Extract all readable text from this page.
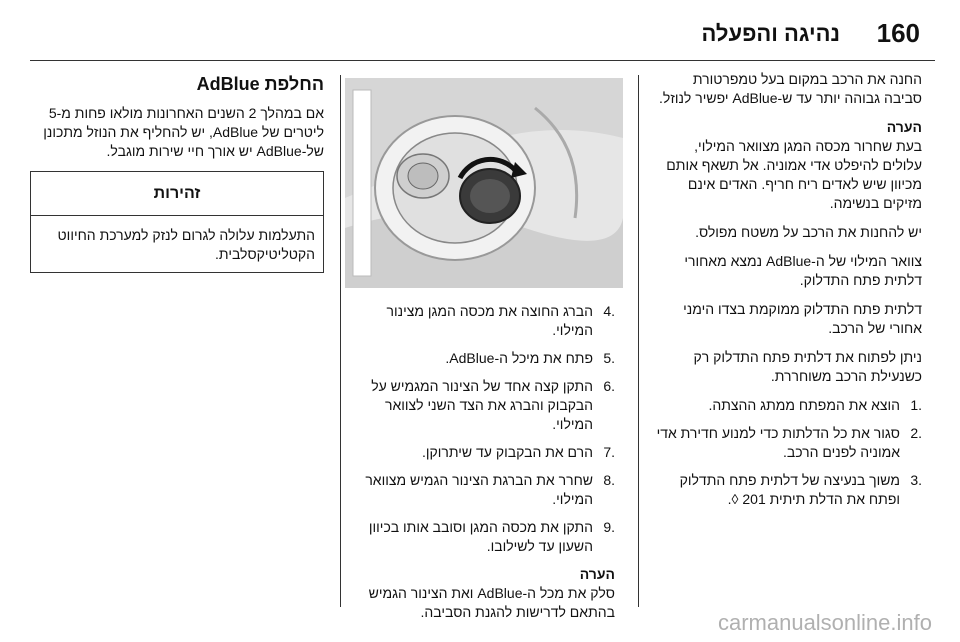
160
נהיגה והפעלה

החנה את הרכב במקום בעל טמפרטורת סביבה גבוהה יותר עד ש-AdBlue יפשיר לנוזל.

הערה

בעת שחרור מכסה המגן מצוואר המילוי, עלולים להיפלט אדי אמוניה. אל תשאף אותם מכיוון שיש לאדים ריח חריף. האדים אינם מזיקים בנשימה.

יש להחנות את הרכב על משטח מפולס.

צוואר המילוי של ה-AdBlue נמצא מאחורי דלתית פתח התדלוק.

דלתית פתח התדלוק ממוקמת בצדו הימני אחורי של הרכב.

ניתן לפתוח את דלתית פתח התדלוק רק כשנעילת הרכב משוחררת.

.1
הוצא את המפתח ממתג ההצתה.
.2
סגור את כל הדלתות כדי למנוע חדירת אדי אמוניה לפנים הרכב.
.3
משוך בנעיצה של דלתית פתח התדלוק ופתח את הדלת תיתית 201 ◊.
.4
הברג החוצה את מכסה המגן מצינור המילוי.
.5
פתח את מיכל ה-AdBlue.
.6
התקן קצה אחד של הצינור המגמיש על הבקבוק והברג את הצד השני לצוואר המילוי.
.7
הרם את הבקבוק עד שיתרוקן.
.8
שחרר את הברגת הצינור הגמיש מצוואר המילוי.
.9
התקן את מכסה המגן וסובב אותו בכיוון השעון עד לשילובו.

הערה

סלק את מכל ה-AdBlue ואת הצינור הגמיש בהתאם לדרישות להגנת הסביבה.

החלפת AdBlue

אם במהלך 2 השנים האחרונות מולאו פחות מ-5 ליטרים של AdBlue, יש להחליף את הנוזל מתכונן של-AdBlue יש אורך חיי שירות מוגבל.

זהירות
התעלמות עלולה לגרום לנזק למערכת החיווט הקטליטיקסלבית.
carmanualsonline.info
